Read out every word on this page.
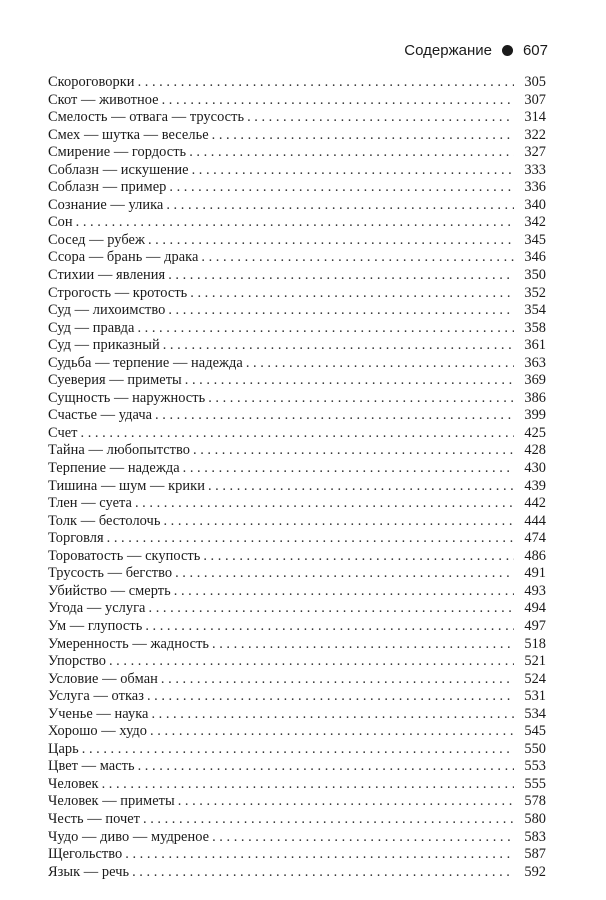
Содержание 607
Скороговорки . . .	305
Скот — животное . . .	307
Смелость — отвага — трусость . . .	314
Смех — шутка — веселье . . .	322
Смирение — гордость . . .	327
Соблазн — искушение . . .	333
Соблазн — пример . . .	336
Сознание — улика . . .	340
Сон . . .	342
Сосед — рубеж . . .	345
Ссора — брань — драка . . .	346
Стихии — явления . . .	350
Строгость — кротость . . .	352
Суд — лихоимство . . .	354
Суд — правда . . .	358
Суд — приказный . . .	361
Судьба — терпение — надежда . . .	363
Суеверия — приметы . . .	369
Сущность — наружность . . .	386
Счастье — удача . . .	399
Счет . . .	425
Тайна — любопытство . . .	428
Терпение — надежда . . .	430
Тишина — шум — крики . . .	439
Тлен — суета . . .	442
Толк — бестолочь . . .	444
Торговля . . .	474
Тороватость — скупость . . .	486
Трусость — бегство . . .	491
Убийство — смерть . . .	493
Угода — услуга . . .	494
Ум — глупость . . .	497
Умеренность — жадность . . .	518
Упорство . . .	521
Условие — обман . . .	524
Услуга — отказ . . .	531
Ученье — наука . . .	534
Хорошо — худо . . .	545
Царь . . .	550
Цвет — масть . . .	553
Человек . . .	555
Человек — приметы . . .	578
Честь — почет . . .	580
Чудо — диво — мудреное . . .	583
Щегольство . . .	587
Язык — речь . . .	592
